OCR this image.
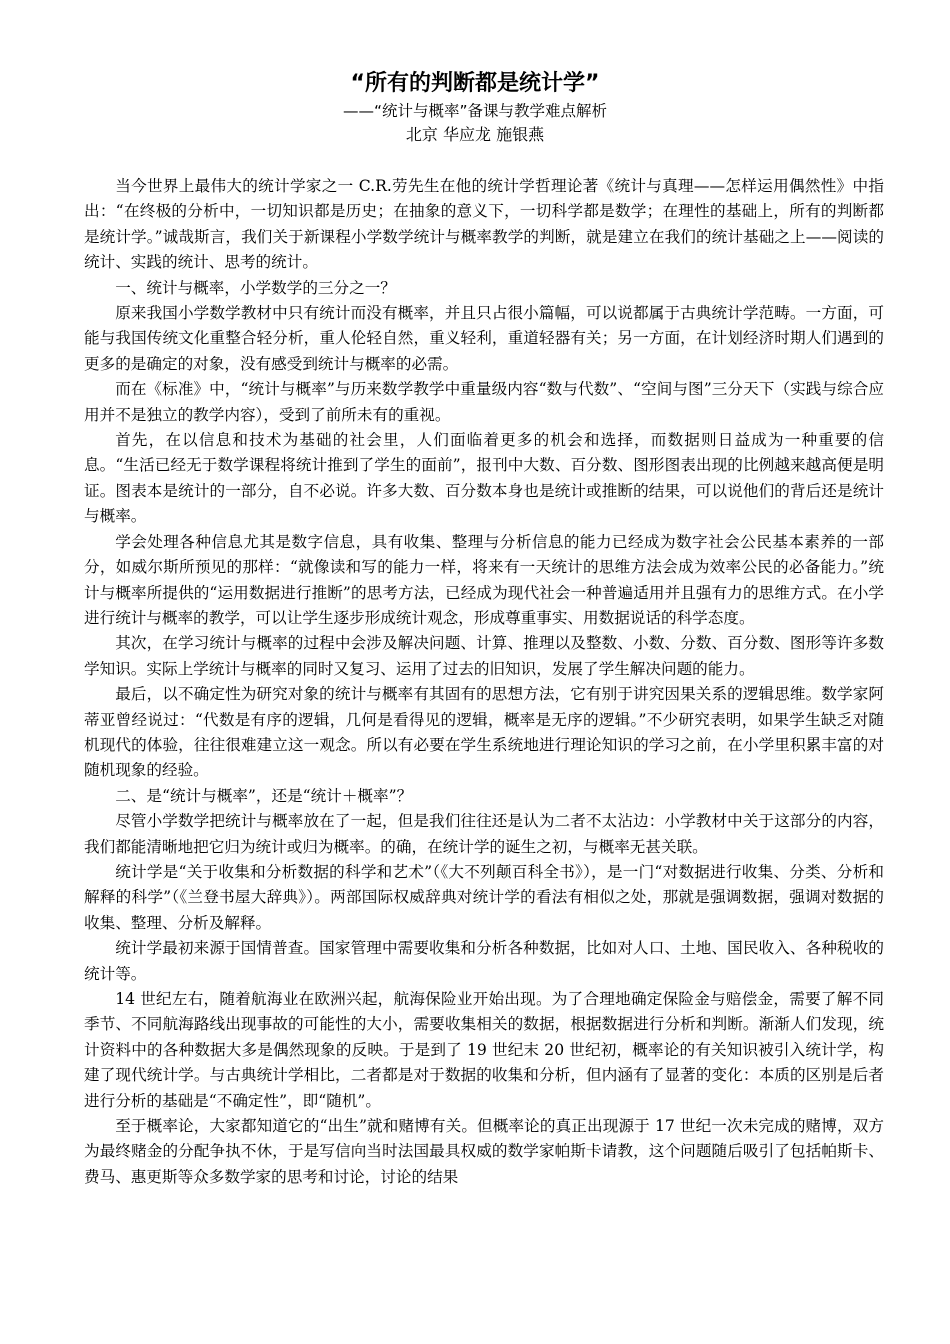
“所有的判断都是统计学”
——“统计与概率”备课与教学难点解析
北京 华应龙 施银燕

当今世界上最伟大的统计学家之一 C.R.劳先生在他的统计学哲理论著《统计与真理——怎样运用偶然性》中指出：“在终极的分析中，一切知识都是历史；在抽象的意义下，一切科学都是数学；在理性的基础上，所有的判断都是统计学。”诚哉斯言，我们关于新课程小学数学统计与概率教学的判断，就是建立在我们的统计基础之上——阅读的统计、实践的统计、思考的统计。

一、统计与概率，小学数学的三分之一？

原来我国小学数学教材中只有统计而没有概率，并且只占很小篇幅，可以说都属于古典统计学范畴。一方面，可能与我国传统文化重整合轻分析，重人伦轻自然，重义轻利，重道轻器有关；另一方面，在计划经济时期人们遇到的更多的是确定的对象，没有感受到统计与概率的必需。

而在《标准》中，“统计与概率”与历来数学教学中重量级内容“数与代数”、“空间与图”三分天下（实践与综合应用并不是独立的教学内容），受到了前所未有的重视。

首先，在以信息和技术为基础的社会里，人们面临着更多的机会和选择，而数据则日益成为一种重要的信息。“生活已经无于数学课程将统计推到了学生的面前”，报刊中大数、百分数、图形图表出现的比例越来越高便是明证。图表本是统计的一部分，自不必说。许多大数、百分数本身也是统计或推断的结果，可以说他们的背后还是统计与概率。

学会处理各种信息尤其是数字信息，具有收集、整理与分析信息的能力已经成为数字社会公民基本素养的一部分，如威尔斯所预见的那样：“就像读和写的能力一样，将来有一天统计的思维方法会成为效率公民的必备能力。”统计与概率所提供的“运用数据进行推断”的思考方法，已经成为现代社会一种普遍适用并且强有力的思维方式。在小学进行统计与概率的教学，可以让学生逐步形成统计观念，形成尊重事实、用数据说话的科学态度。

其次，在学习统计与概率的过程中会涉及解决问题、计算、推理以及整数、小数、分数、百分数、图形等许多数学知识。实际上学统计与概率的同时又复习、运用了过去的旧知识，发展了学生解决问题的能力。

最后，以不确定性为研究对象的统计与概率有其固有的思想方法，它有别于讲究因果关系的逻辑思维。数学家阿蒂亚曾经说过：“代数是有序的逻辑，几何是看得见的逻辑，概率是无序的逻辑。”不少研究表明，如果学生缺乏对随机现代的体验，往往很难建立这一观念。所以有必要在学生系统地进行理论知识的学习之前，在小学里积累丰富的对随机现象的经验。

二、是“统计与概率”，还是“统计＋概率”？

尽管小学数学把统计与概率放在了一起，但是我们往往还是认为二者不太沾边：小学教材中关于这部分的内容，我们都能清晰地把它归为统计或归为概率。的确，在统计学的诞生之初，与概率无甚关联。

统计学是“关于收集和分析数据的科学和艺术”（《大不列颠百科全书》），是一门“对数据进行收集、分类、分析和解释的科学”（《兰登书屋大辞典》）。两部国际权威辞典对统计学的看法有相似之处，那就是强调数据，强调对数据的收集、整理、分析及解释。

统计学最初来源于国情普查。国家管理中需要收集和分析各种数据，比如对人口、土地、国民收入、各种税收的统计等。

14 世纪左右，随着航海业在欧洲兴起，航海保险业开始出现。为了合理地确定保险金与赔偿金，需要了解不同季节、不同航海路线出现事故的可能性的大小，需要收集相关的数据，根据数据进行分析和判断。渐渐人们发现，统计资料中的各种数据大多是偶然现象的反映。于是到了 19 世纪末 20 世纪初，概率论的有关知识被引入统计学，构建了现代统计学。与古典统计学相比，二者都是对于数据的收集和分析，但内涵有了显著的变化：本质的区别是后者进行分析的基础是“不确定性”，即“随机”。

至于概率论，大家都知道它的“出生”就和赌博有关。但概率论的真正出现源于 17 世纪一次未完成的赌博，双方为最终赌金的分配争执不休，于是写信向当时法国最具权威的数学家帕斯卡请教，这个问题随后吸引了包括帕斯卡、费马、惠更斯等众多数学家的思考和讨论，讨论的结果
